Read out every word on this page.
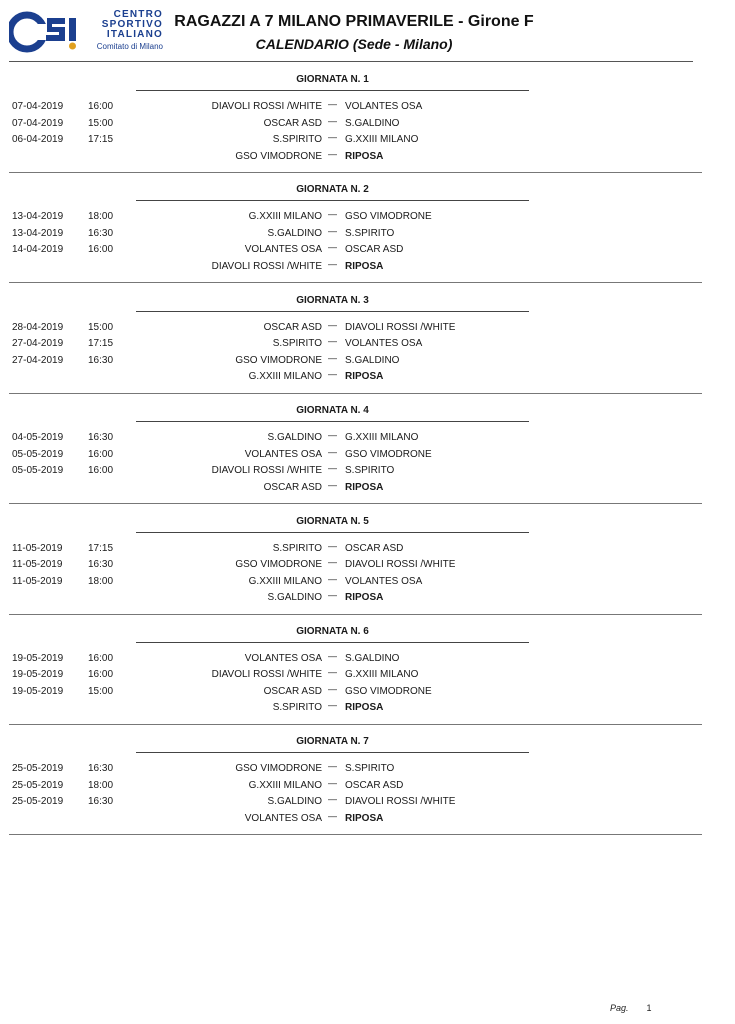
CENTRO
SPORTIVO
ITALIANO
Comitato di Milano
RAGAZZI A 7 MILANO PRIMAVERILE - Girone F
CALENDARIO (Sede - Milano)
GIORNATA N. 1
07-04-2019 16:00	DIAVOLI ROSSI /WHITE — VOLANTES OSA
07-04-2019 15:00	OSCAR ASD — S.GALDINO
06-04-2019 17:15	S.SPIRITO — G.XXIII MILANO
GSO VIMODRONE — RIPOSA
GIORNATA N. 2
13-04-2019 18:00	G.XXIII MILANO — GSO VIMODRONE
13-04-2019 16:30	S.GALDINO — S.SPIRITO
14-04-2019 16:00	VOLANTES OSA — OSCAR ASD
DIAVOLI ROSSI /WHITE — RIPOSA
GIORNATA N. 3
28-04-2019 15:00	OSCAR ASD — DIAVOLI ROSSI /WHITE
27-04-2019 17:15	S.SPIRITO — VOLANTES OSA
27-04-2019 16:30	GSO VIMODRONE — S.GALDINO
G.XXIII MILANO — RIPOSA
GIORNATA N. 4
04-05-2019 16:30	S.GALDINO — G.XXIII MILANO
05-05-2019 16:00	VOLANTES OSA — GSO VIMODRONE
05-05-2019 16:00	DIAVOLI ROSSI /WHITE — S.SPIRITO
OSCAR ASD — RIPOSA
GIORNATA N. 5
11-05-2019	17:15	S.SPIRITO — OSCAR ASD
11-05-2019	16:30	GSO VIMODRONE — DIAVOLI ROSSI /WHITE
11-05-2019	18:00	G.XXIII MILANO — VOLANTES OSA
S.GALDINO — RIPOSA
GIORNATA N. 6
19-05-2019 16:00	VOLANTES OSA — S.GALDINO
19-05-2019 16:00	DIAVOLI ROSSI /WHITE — G.XXIII MILANO
19-05-2019 15:00	OSCAR ASD — GSO VIMODRONE
S.SPIRITO — RIPOSA
GIORNATA N. 7
25-05-2019 16:30	GSO VIMODRONE — S.SPIRITO
25-05-2019 18:00	G.XXIII MILANO — OSCAR ASD
25-05-2019 16:30	S.GALDINO — DIAVOLI ROSSI /WHITE
VOLANTES OSA — RIPOSA
Pag. 1
